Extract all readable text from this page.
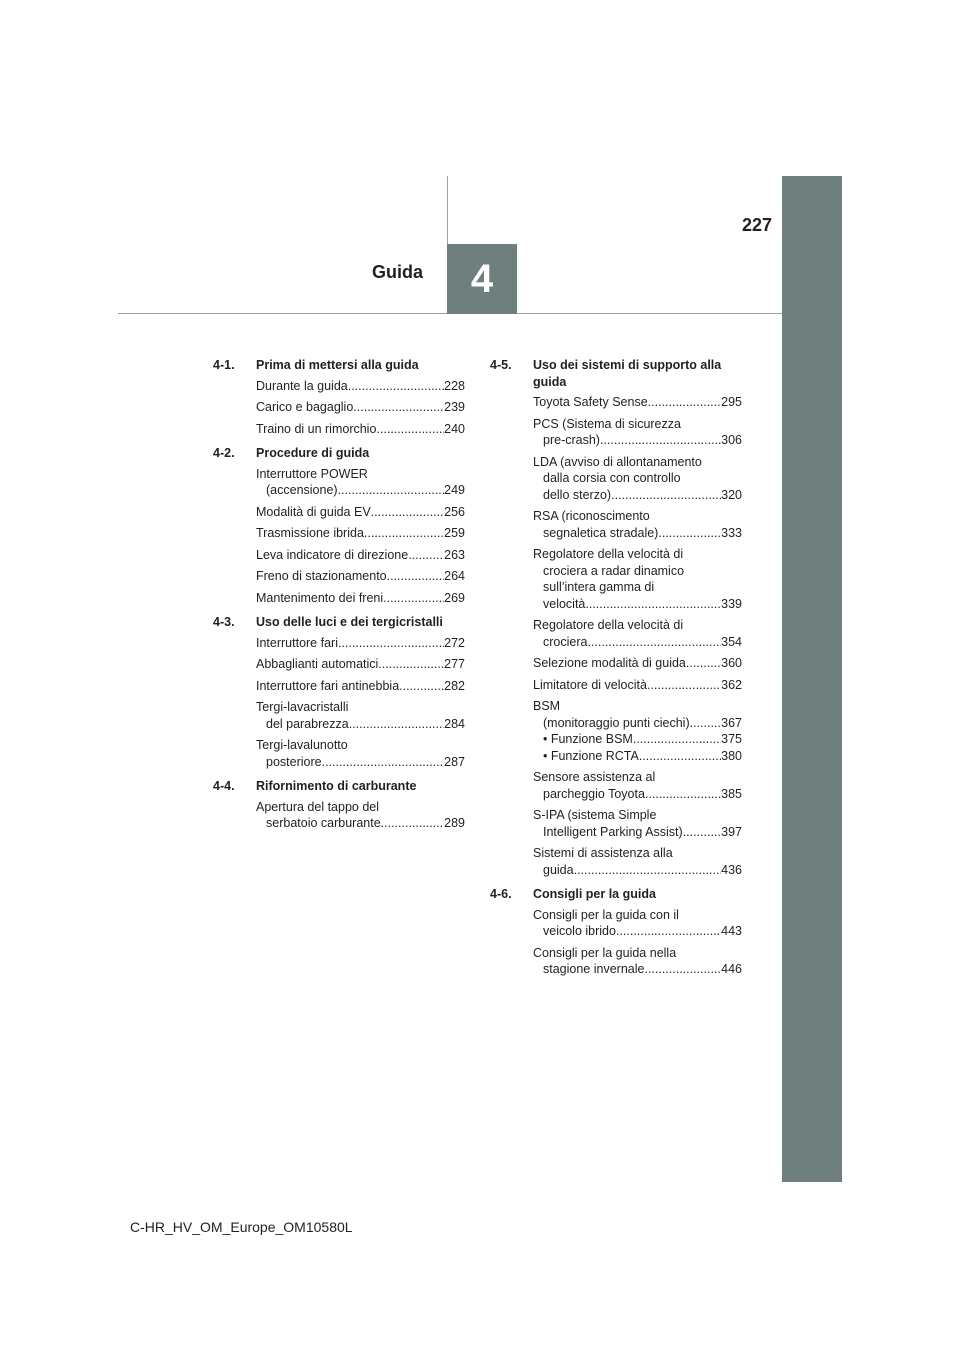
4
Guida
227
4-1.	Prima di mettersi alla guida
Durante la guida .....	228
Carico e bagaglio .....	239
Traino di un rimorchio .....	240
4-2.	Procedure di guida
Interruttore POWER
(accensione) .....	249
Modalità di guida EV .....	256
Trasmissione ibrida .....	259
Leva indicatore di direzione .....	263
Freno di stazionamento .....	264
Mantenimento dei freni .....	269
4-3.	Uso delle luci e dei tergicristalli
Interruttore fari .....	272
Abbaglianti automatici .....	277
Interruttore fari antinebbia .....	282
Tergi-lavacristalli
del parabrezza .....	284
Tergi-lavalunotto
posteriore .....	287
4-4.	Rifornimento di carburante
Apertura del tappo del
serbatoio carburante .....	289
4-5.	Uso dei sistemi di supporto alla guida
Toyota Safety Sense .....	295
PCS (Sistema di sicurezza
pre-crash) .....	306
LDA (avviso di allontanamento
dalla corsia con controllo
dello sterzo) .....	320
RSA (riconoscimento
segnaletica stradale) .....	333
Regolatore della velocità di
crociera a radar dinamico
sull’intera gamma di
velocità .....	339
Regolatore della velocità di
crociera .....	354
Selezione modalità di guida .....	360
Limitatore di velocità .....	362
BSM
(monitoraggio punti ciechi) .....	367
• Funzione BSM .....	375
• Funzione RCTA .....	380
Sensore assistenza al
parcheggio Toyota .....	385
S-IPA (sistema Simple
Intelligent Parking Assist) .....	397
Sistemi di assistenza alla
guida .....	436
4-6.	Consigli per la guida
Consigli per la guida con il
veicolo ibrido .....	443
Consigli per la guida nella
stagione invernale .....	446
C-HR_HV_OM_Europe_OM10580L
